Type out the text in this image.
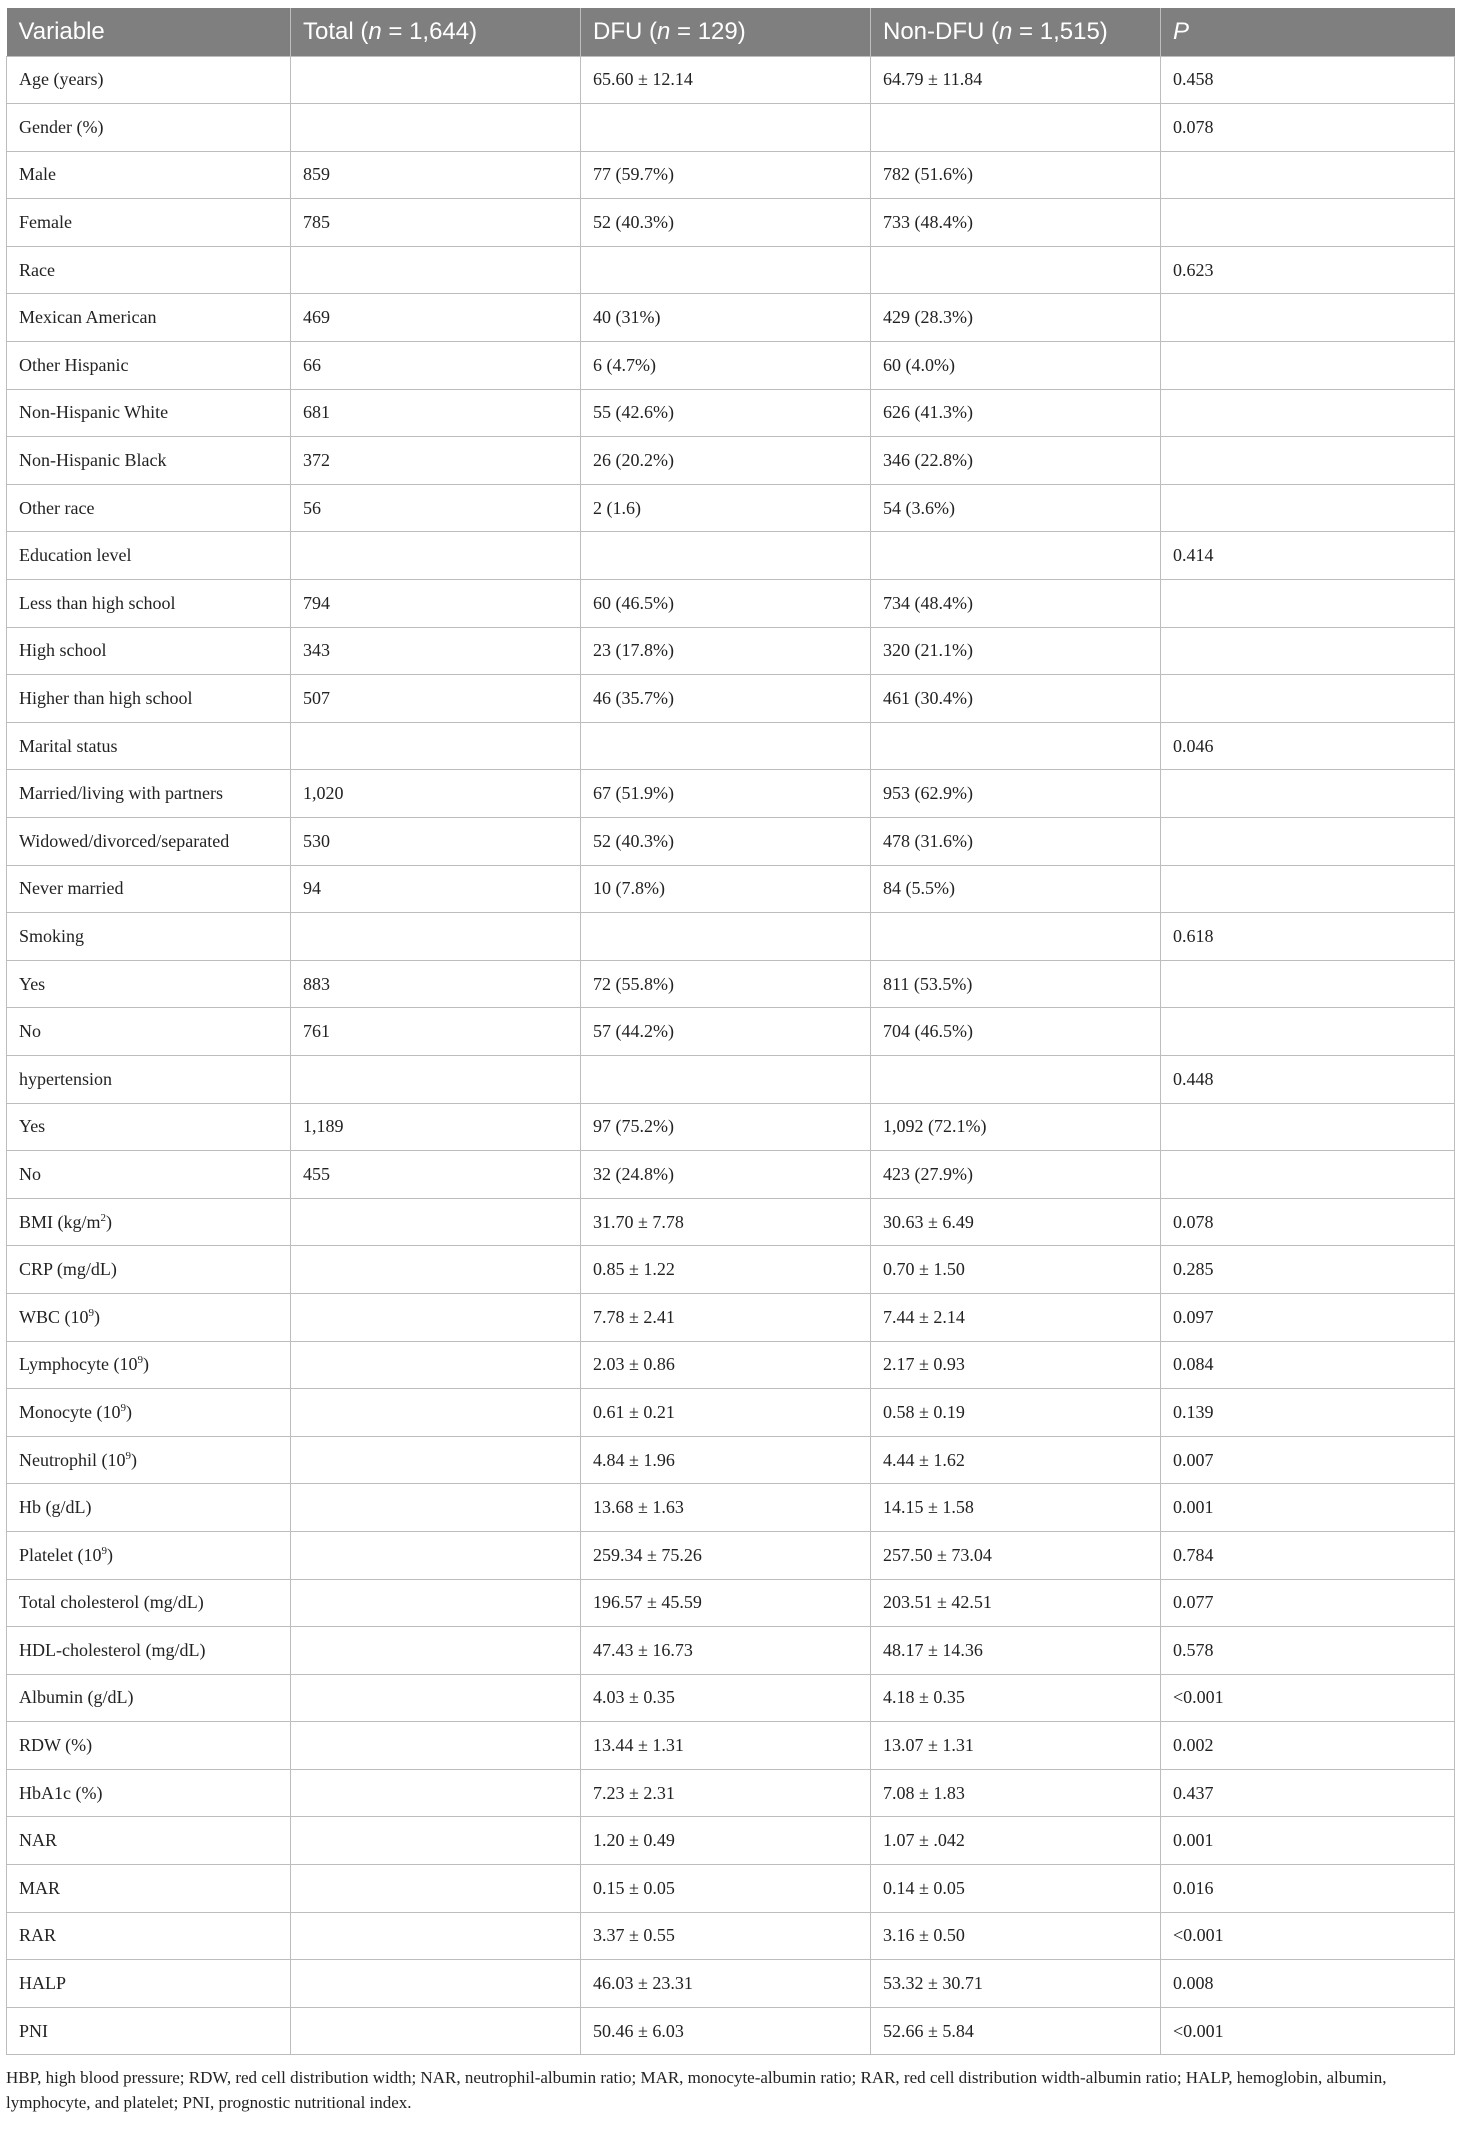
Variable	Total (n = 1,644)	DFU (n = 129)	Non-DFU (n = 1,515)	P
Age (years)		65.60 ± 12.14	64.79 ± 11.84	0.458
Gender (%)				0.078
Male	859	77 (59.7%)	782 (51.6%)	
Female	785	52 (40.3%)	733 (48.4%)	
Race				0.623
Mexican American	469	40 (31%)	429 (28.3%)	
Other Hispanic	66	6 (4.7%)	60 (4.0%)	
Non-Hispanic White	681	55 (42.6%)	626 (41.3%)	
Non-Hispanic Black	372	26 (20.2%)	346 (22.8%)	
Other race	56	2 (1.6)	54 (3.6%)	
Education level				0.414
Less than high school	794	60 (46.5%)	734 (48.4%)	
High school	343	23 (17.8%)	320 (21.1%)	
Higher than high school	507	46 (35.7%)	461 (30.4%)	
Marital status				0.046
Married/living with partners	1,020	67 (51.9%)	953 (62.9%)	
Widowed/divorced/separated	530	52 (40.3%)	478 (31.6%)	
Never married	94	10 (7.8%)	84 (5.5%)	
Smoking				0.618
Yes	883	72 (55.8%)	811 (53.5%)	
No	761	57 (44.2%)	704 (46.5%)	
hypertension				0.448
Yes	1,189	97 (75.2%)	1,092 (72.1%)	
No	455	32 (24.8%)	423 (27.9%)	
BMI $(kg/m^2)$		31.70 ± 7.78	30.63 ± 6.49	0.078
CRP (mg/dL)		0.85 ± 1.22	0.70 ± 1.50	0.285
WBC $(10^9)$		7.78 ± 2.41	7.44 ± 2.14	0.097
Lymphocyte $(10^9)$		2.03 ± 0.86	2.17 ± 0.93	0.084
Monocyte $(10^9)$		0.61 ± 0.21	0.58 ± 0.19	0.139
Neutrophil $(10^9)$		4.84 ± 1.96	4.44 ± 1.62	0.007
Hb (g/dL)		13.68 ± 1.63	14.15 ± 1.58	0.001
Platelet $(10^9)$		259.34 ± 75.26	257.50 ± 73.04	0.784
Total cholesterol (mg/dL)		196.57 ± 45.59	203.51 ± 42.51	0.077
HDL-cholesterol (mg/dL)		47.43 ± 16.73	48.17 ± 14.36	0.578
Albumin (g/dL)		4.03 ± 0.35	4.18 ± 0.35	<0.001
RDW (%)		13.44 ± 1.31	13.07 ± 1.31	0.002
HbA1c (%)		7.23 ± 2.31	7.08 ± 1.83	0.437
NAR		1.20 ± 0.49	1.07 ± .042	0.001
MAR		0.15 ± 0.05	0.14 ± 0.05	0.016
RAR		3.37 ± 0.55	3.16 ± 0.50	<0.001
HALP		46.03 ± 23.31	53.32 ± 30.71	0.008
PNI		50.46 ± 6.03	52.66 ± 5.84	<0.001
HBP, high blood pressure; RDW, red cell distribution width; NAR, neutrophil-albumin ratio; MAR, monocyte-albumin ratio; RAR, red cell distribution width-albumin ratio; HALP, hemoglobin, albumin, lymphocyte, and platelet; PNI, prognostic nutritional index.
